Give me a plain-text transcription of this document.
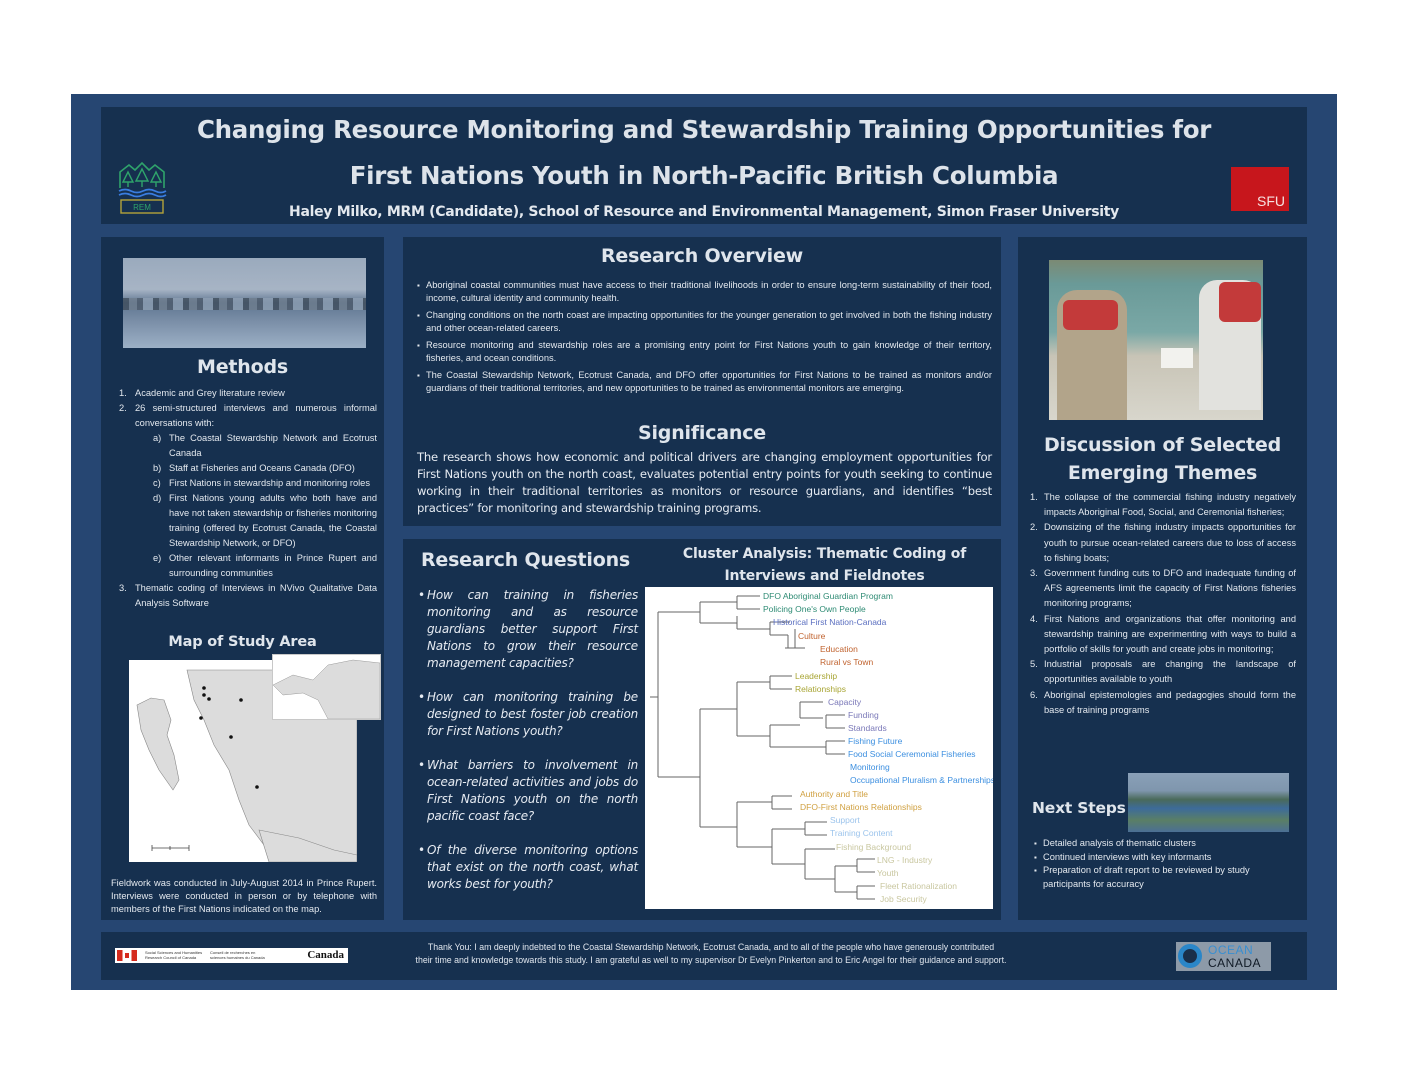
REM
Changing Resource Monitoring and Stewardship Training Opportunities for
First Nations Youth in North-Pacific British Columbia
Haley Milko, MRM (Candidate), School of Resource and Environmental Management, Simon Fraser University
SFU
Methods
1. Academic and Grey literature review
2. 26 semi-structured interviews and numerous informal conversations with:
a) The Coastal Stewardship Network and Ecotrust Canada
b) Staff at Fisheries and Oceans Canada (DFO)
c) First Nations in stewardship and monitoring roles
d) First Nations young adults who both have and have not taken stewardship or fisheries monitoring training (offered by Ecotrust Canada, the Coastal Stewardship Network, or DFO)
e) Other relevant informants in Prince Rupert and surrounding communities
3. Thematic coding of Interviews in NVivo Qualitative Data Analysis Software
Map of Study Area
Fieldwork was conducted in July-August 2014 in Prince Rupert. Interviews were conducted in person or by telephone with members of the First Nations indicated on the map.
Research Overview
▪ Aboriginal coastal communities must have access to their traditional livelihoods in order to ensure long-term sustainability of their food, income, cultural identity and community health.
▪ Changing conditions on the north coast are impacting opportunities for the younger generation to get involved in both the fishing industry and other ocean-related careers.
▪ Resource monitoring and stewardship roles are a promising entry point for First Nations youth to gain knowledge of their territory, fisheries, and ocean conditions.
▪ The Coastal Stewardship Network, Ecotrust Canada, and DFO offer opportunities for First Nations to be trained as monitors and/or guardians of their traditional territories, and new opportunities to be trained as environmental monitors are emerging.
Significance
The research shows how economic and political drivers are changing employment opportunities for First Nations youth on the north coast, evaluates potential entry points for youth seeking to continue working in their traditional territories as monitors or resource guardians, and identifies “best practices” for monitoring and stewardship training programs.
Research Questions
• How can training in fisheries monitoring and as resource guardians better support First Nations to grow their resource management capacities?
• How can monitoring training be designed to best foster job creation for First Nations youth?
• What barriers to involvement in ocean-related activities and jobs do First Nations youth on the north pacific coast face?
• Of the diverse monitoring options that exist on the north coast, what works best for youth?
Cluster Analysis: Thematic Coding of
Interviews and Fieldnotes
DFO Aboriginal Guardian Program
Policing One's Own People
Historical First Nation-Canada
Culture
Education
Rural vs Town
Leadership
Relationships
Capacity
Funding
Standards
Fishing Future
Food Social Ceremonial Fisheries
Monitoring
Occupational Pluralism & Partnerships
Authority and Title
DFO-First Nations Relationships
Support
Training Content
Fishing Background
LNG - Industry
Youth
Fleet Rationalization
Job Security
Discussion of Selected
Emerging Themes
1. The collapse of the commercial fishing industry negatively impacts Aboriginal Food, Social, and Ceremonial fisheries;
2. Downsizing of the fishing industry impacts opportunities for youth to pursue ocean-related careers due to loss of access to fishing boats;
3. Government funding cuts to DFO and inadequate funding of AFS agreements limit the capacity of First Nations fisheries monitoring programs;
4. First Nations and organizations that offer monitoring and stewardship training are experimenting with ways to build a portfolio of skills for youth and create jobs in monitoring;
5. Industrial proposals are changing the landscape of opportunities available to youth
6. Aboriginal epistemologies and pedagogies should form the base of training programs
Next Steps
▪ Detailed analysis of thematic clusters
▪ Continued interviews with key informants
▪ Preparation of draft report to be reviewed by study participants for accuracy
Social Sciences and Humanities Research Council of Canada
Conseil de recherches en sciences humaines du Canada	Canada
Thank You: I am deeply indebted to the Coastal Stewardship Network, Ecotrust Canada, and to all of the people who have generously contributed
their time and knowledge towards this study. I am grateful as well to my supervisor Dr Evelyn Pinkerton and to Eric Angel for their guidance and support.
OCEAN
CANADA
